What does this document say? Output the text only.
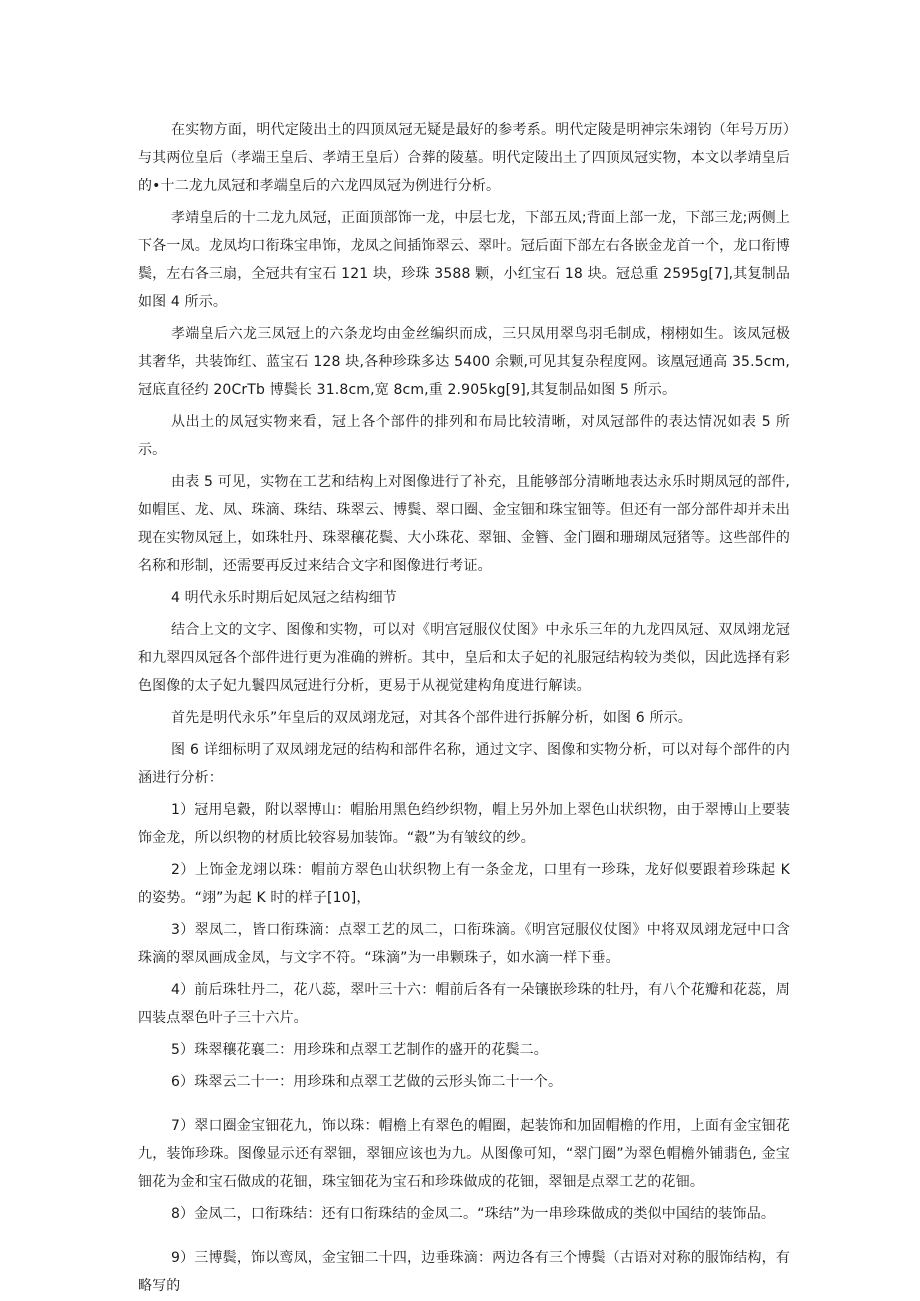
在实物方面，明代定陵出土的四顶凤冠无疑是最好的参考系。明代定陵是明神宗朱翊钧（年号万历）与其两位皇后（孝端王皇后、孝靖王皇后）合葬的陵墓。明代定陵出土了四顶凤冠实物，本文以孝靖皇后的•十二龙九凤冠和孝端皇后的六龙四凤冠为例进行分析。

孝靖皇后的十二龙九凤冠，正面顶部饰一龙，中层七龙，下部五凤;背面上部一龙，下部三龙;两侧上下各一凤。龙凤均口衔珠宝串饰，龙凤之间插饰翠云、翠叶。冠后面下部左右各嵌金龙首一个，龙口衔博鬓，左右各三扇，全冠共有宝石 121 块，珍珠 3588 颗，小红宝石 18 块。冠总重 2595g[7],其复制品如图 4 所示。

孝端皇后六龙三凤冠上的六条龙均由金丝编织而成，三只凤用翠鸟羽毛制成，栩栩如生。该凤冠极其奢华，共装饰红、蓝宝石 128 块,各种珍珠多达 5400 余颗,可见其复杂程度网。该凰冠通高 35.5cm,冠底直径约 20CrTb 博鬓长 31.8cm,宽 8cm,重 2.905kg[9],其复制品如图 5 所示。

从出土的凤冠实物来看，冠上各个部件的排列和布局比较清晰，对凤冠部件的表达情况如表 5 所示。

由表 5 可见，实物在工艺和结构上对图像进行了补充，且能够部分清晰地表达永乐时期凤冠的部件, 如帽匡、龙、凤、珠滴、珠结、珠翠云、博鬓、翠口圈、金宝钿和珠宝钿等。但还有一部分部件却并未出现在实物凤冠上，如珠牡丹、珠翠穰花鬓、大小珠花、翠钿、金簪、金门圈和珊瑚凤冠猪等。这些部件的名称和形制，还需要再反过来结合文字和图像进行考证。

4 明代永乐时期后妃凤冠之结构细节

结合上文的文字、图像和实物，可以对《明宫冠服仪仗图》中永乐三年的九龙四凤冠、双凤翊龙冠和九翠四凤冠各个部件进行更为准确的辨析。其中，皇后和太子妃的礼服冠结构较为类似，因此选择有彩色图像的太子妃九鬟四凤冠进行分析，更易于从视觉建构角度进行解读。

首先是明代永乐”年皇后的双凤翊龙冠，对其各个部件进行拆解分析，如图 6 所示。

图 6 详细标明了双凤翊龙冠的结构和部件名称，通过文字、图像和实物分析，可以对每个部件的内涵进行分析：

1）冠用皂縠，附以翠博山：帽胎用黑色绉纱织物，帽上另外加上翠色山状织物，由于翠博山上要装饰金龙，所以织物的材质比较容易加装饰。“縠”为有皱纹的纱。

2）上饰金龙翊以珠：帽前方翠色山状织物上有一条金龙，口里有一珍珠，龙好似要跟着珍珠起 K 的姿势。“翊”为起 K 时的样子[10]，

3）翠凤二，皆口衔珠滴：点翠工艺的凤二，口衔珠滴。《明宫冠服仪仗图》中将双凤翊龙冠中口含珠滴的翠凤画成金凤，与文字不符。“珠滴”为一串颗珠子，如水滴一样下垂。

4）前后珠牡丹二，花八蕊，翠叶三十六：帽前后各有一朵镶嵌珍珠的牡丹，有八个花瓣和花蕊，周四装点翠色叶子三十六片。

5）珠翠穰花襄二：用珍珠和点翠工艺制作的盛开的花鬓二。

6）珠翠云二十一：用珍珠和点翠工艺做的云形头饰二十一个。

7）翠口圈金宝钿花九，饰以珠：帽檐上有翠色的帽圈，起装饰和加固帽檐的作用，上面有金宝钿花九，装饰珍珠。图像显示还有翠钿，翠钿应该也为九。从图像可知，“翠门圈”为翠色帽檐外铺翡色, 金宝钿花为金和宝石做成的花钿，珠宝钿花为宝石和珍珠做成的花钿，翠钿是点翠工艺的花钿。

8）金凤二，口衔珠结：还有口衔珠结的金凤二。“珠结”为一串珍珠做成的类似中国结的装饰品。

9）三博鬓，饰以鸾凤，金宝钿二十四，边垂珠滴：两边各有三个博鬓（古语对对称的服饰结构，有略写的
